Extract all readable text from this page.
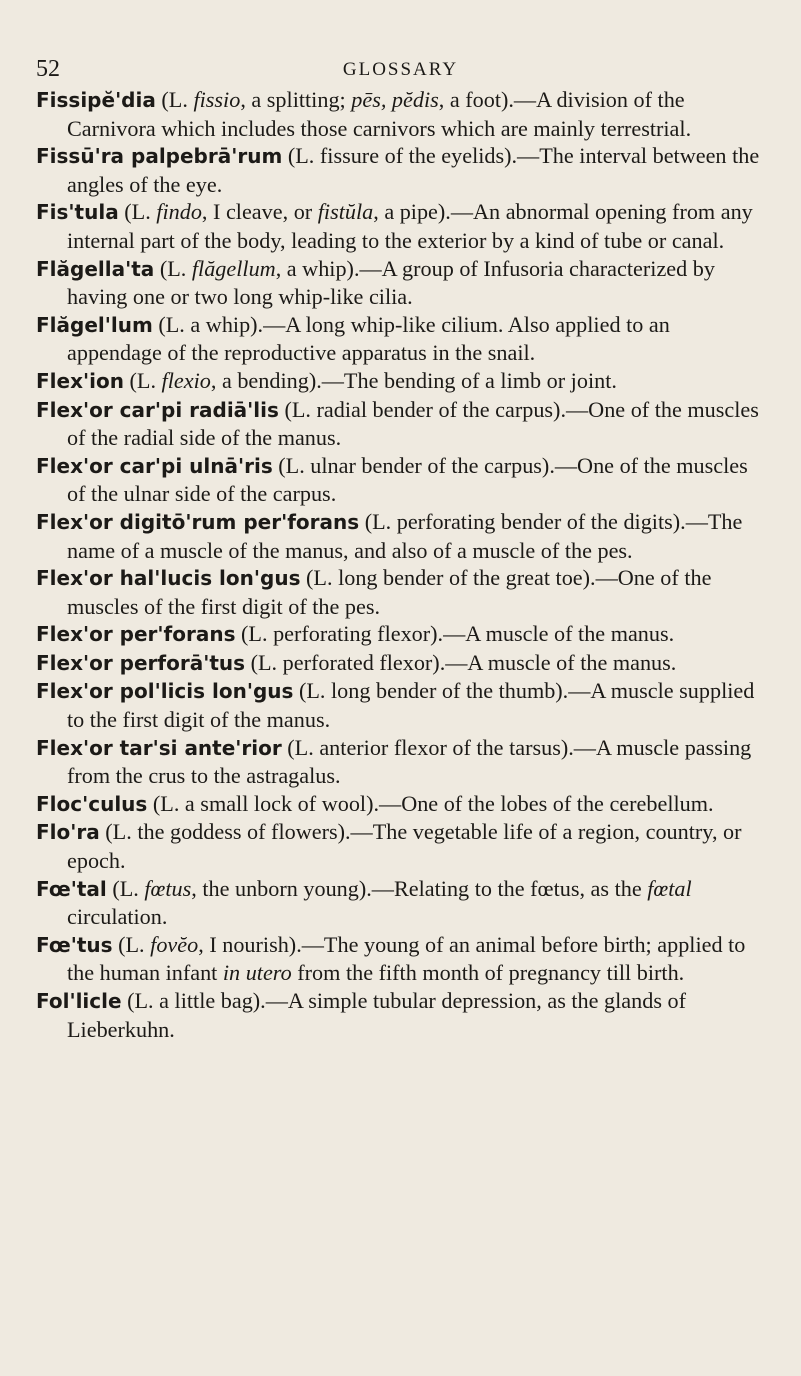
52	GLOSSARY

Fissipĕ'dia (L. fissio, a splitting; pēs, pĕdis, a foot).—A division of the Carnivora which includes those carnivors which are mainly terrestrial.

Fissū'ra palpebrā'rum (L. fissure of the eyelids).—The interval between the angles of the eye.

Fis'tula (L. findo, I cleave, or fistŭla, a pipe).—An abnormal opening from any internal part of the body, leading to the exterior by a kind of tube or canal.

Flăgella'ta (L. flăgellum, a whip).—A group of Infusoria characterized by having one or two long whip-like cilia.

Flăgel'lum (L. a whip).—A long whip-like cilium. Also applied to an appendage of the reproductive apparatus in the snail.

Flex'ion (L. flexio, a bending).—The bending of a limb or joint.

Flex'or car'pi radiā'lis (L. radial bender of the carpus).—One of the muscles of the radial side of the manus.

Flex'or car'pi ulnā'ris (L. ulnar bender of the carpus).—One of the muscles of the ulnar side of the carpus.

Flex'or digitō'rum per'forans (L. perforating bender of the digits).—The name of a muscle of the manus, and also of a muscle of the pes.

Flex'or hal'lucis lon'gus (L. long bender of the great toe).—One of the muscles of the first digit of the pes.

Flex'or per'forans (L. perforating flexor).—A muscle of the manus.

Flex'or perforā'tus (L. perforated flexor).—A muscle of the manus.

Flex'or pol'licis lon'gus (L. long bender of the thumb).—A muscle supplied to the first digit of the manus.

Flex'or tar'si ante'rior (L. anterior flexor of the tarsus).—A muscle passing from the crus to the astragalus.

Floc'culus (L. a small lock of wool).—One of the lobes of the cerebellum.

Flo'ra (L. the goddess of flowers).—The vegetable life of a region, country, or epoch.

Fœ'tal (L. fœtus, the unborn young).—Relating to the fœtus, as the fœtal circulation.

Fœ'tus (L. fovĕo, I nourish).—The young of an animal before birth; applied to the human infant in utero from the fifth month of pregnancy till birth.

Fol'licle (L. a little bag).—A simple tubular depression, as the glands of Lieberkuhn.
